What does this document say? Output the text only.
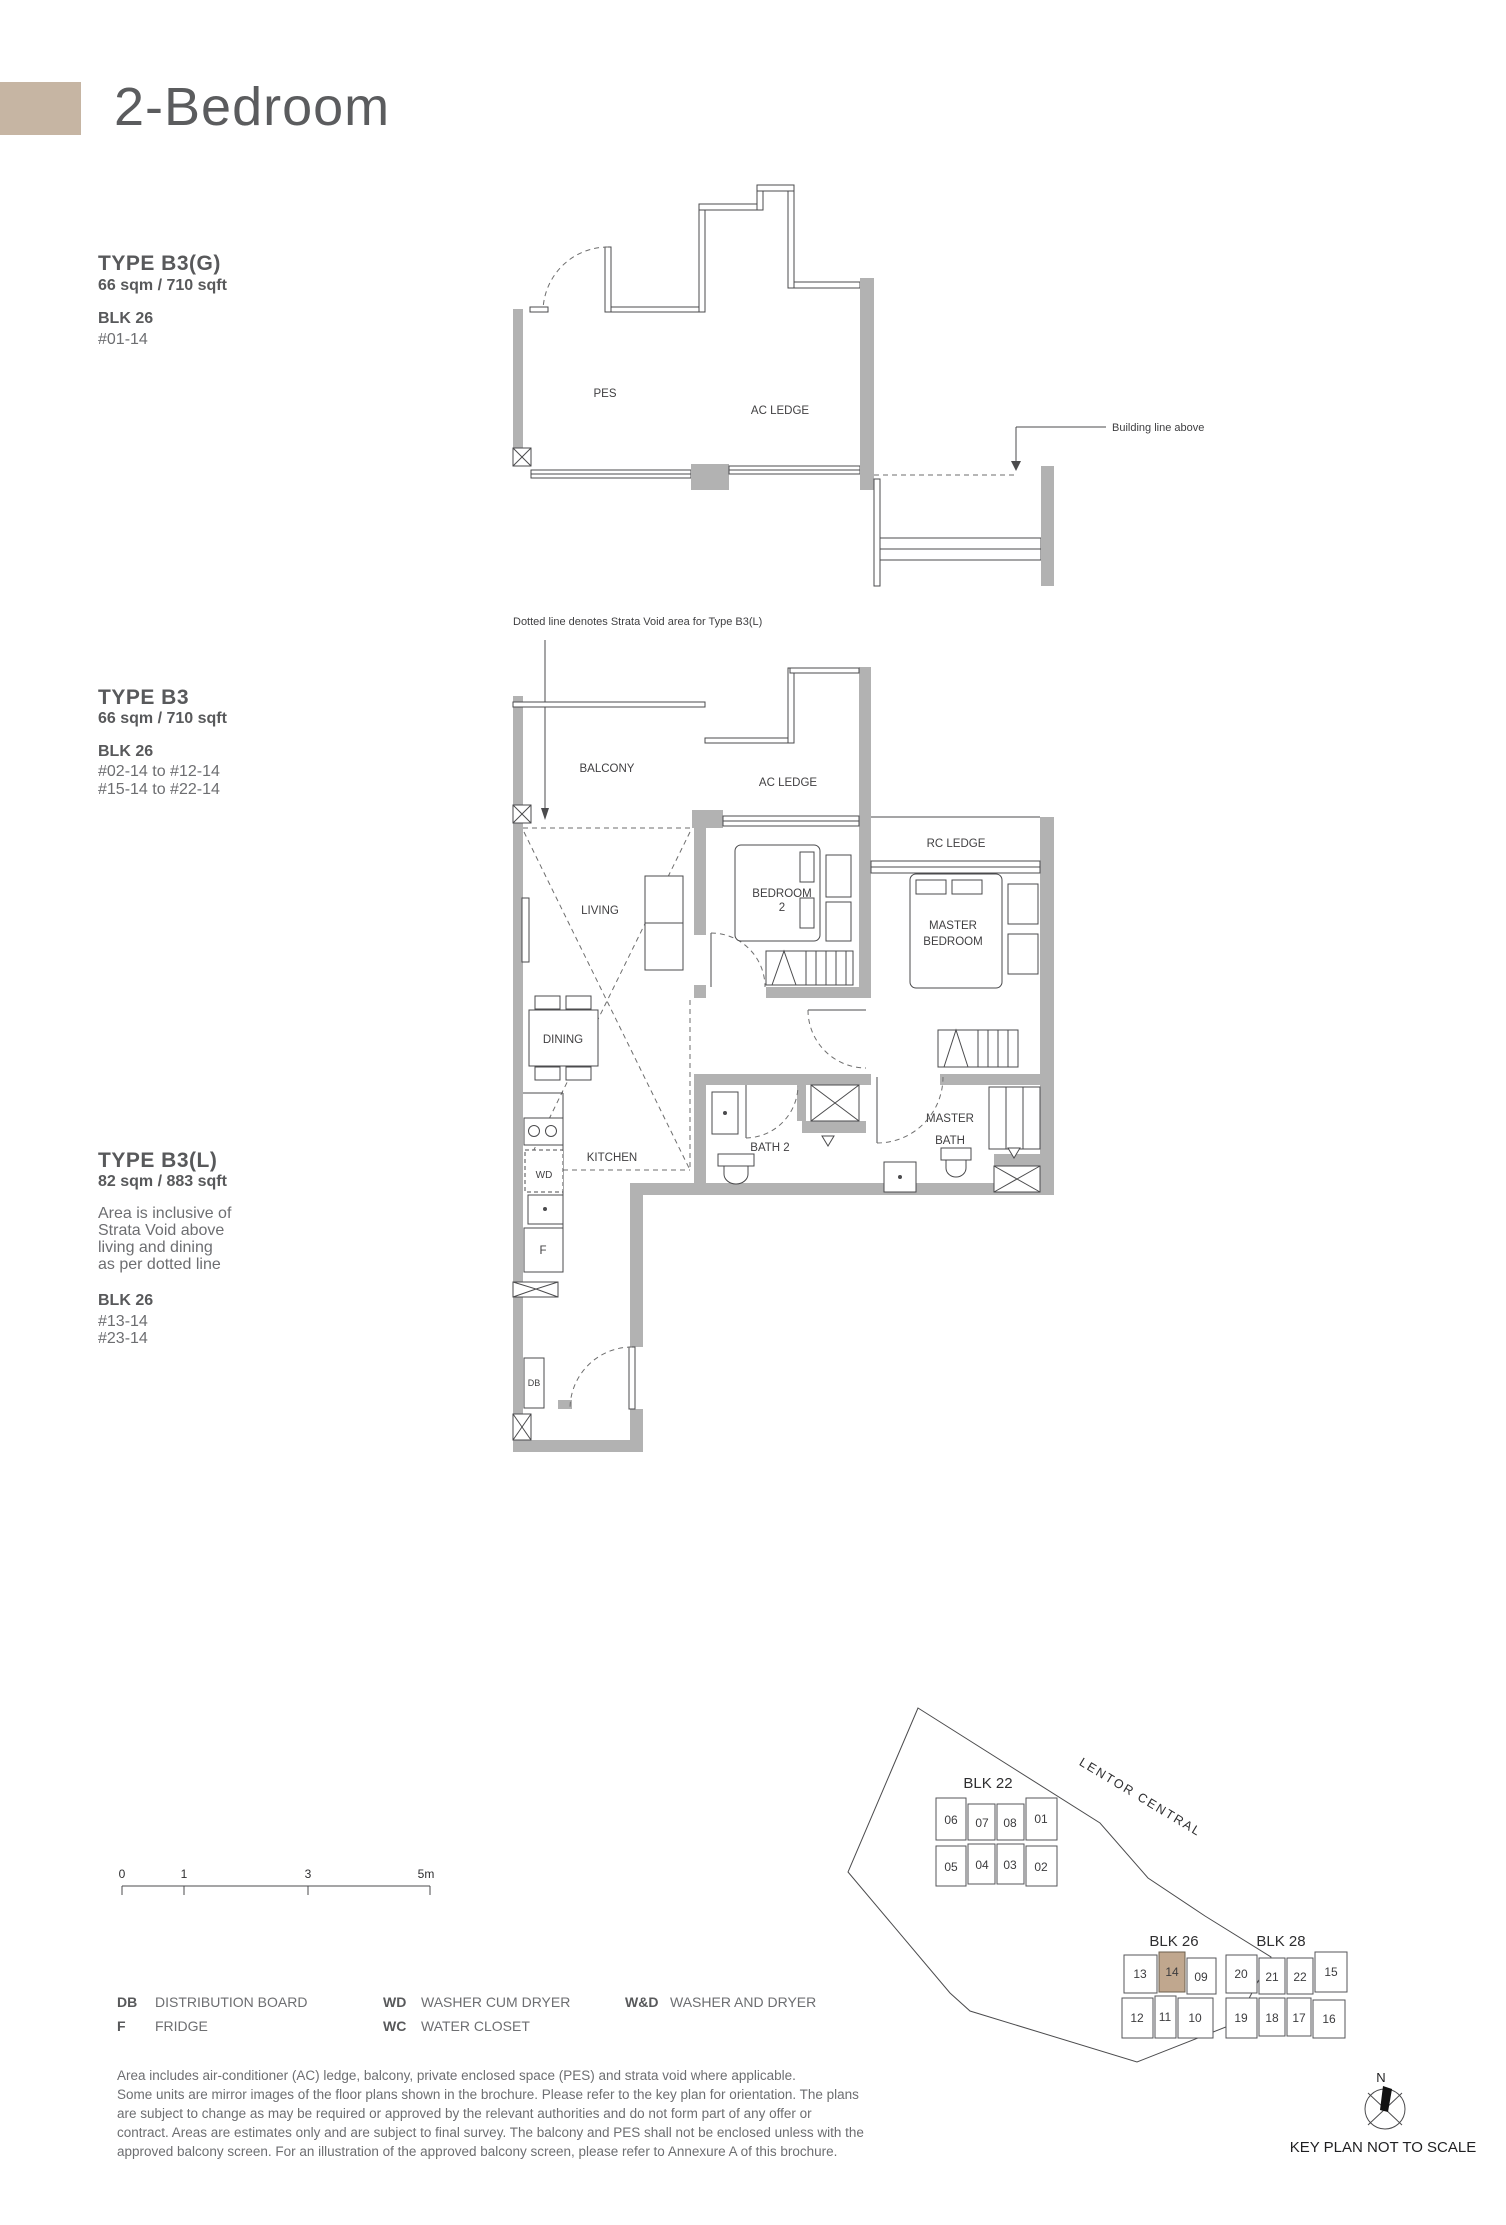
2-Bedroom
TYPE B3(G)
66 sqm / 710 sqft
BLK 26
#01-14
TYPE B3
66 sqm / 710 sqft
BLK 26
#02-14 to #12-14
#15-14 to #22-14
TYPE B3(L)
82 sqm / 883 sqft
Area is inclusive of
Strata Void above
living and dining
as per dotted line
BLK 26
#13-14
#23-14
Dotted line denotes Strata Void area for Type B3(L)
PES
AC LEDGE
Building line above
WD
F
DB
BALCONY
AC LEDGE
RC LEDGE
LIVING
DINING
KITCHEN
BEDROOM
2
MASTER
BEDROOM
BATH 2
MASTER
BATH
0	1	3	5m
DB DISTRIBUTION BOARD
F FRIDGE
WD WASHER CUM DRYER
WC WATER CLOSET
W&D WASHER AND DRYER
Area includes air-conditioner (AC) ledge, balcony, private enclosed space (PES) and strata void where applicable.
Some units are mirror images of the floor plans shown in the brochure. Please refer to the key plan for orientation. The plans
are subject to change as may be required or approved by the relevant authorities and do not form part of any offer or
contract. Areas are estimates only and are subject to final survey. The balcony and PES shall not be enclosed unless with the
approved balcony screen. For an illustration of the approved balcony screen, please refer to Annexure A of this brochure.
LENTOR CENTRAL
BLK 22
06 07 08 01
05 04 03 02
BLK 26
13 14 09
12 11 10
BLK 28
20 21 22 15
19 18 17 16
N
KEY PLAN NOT TO SCALE
